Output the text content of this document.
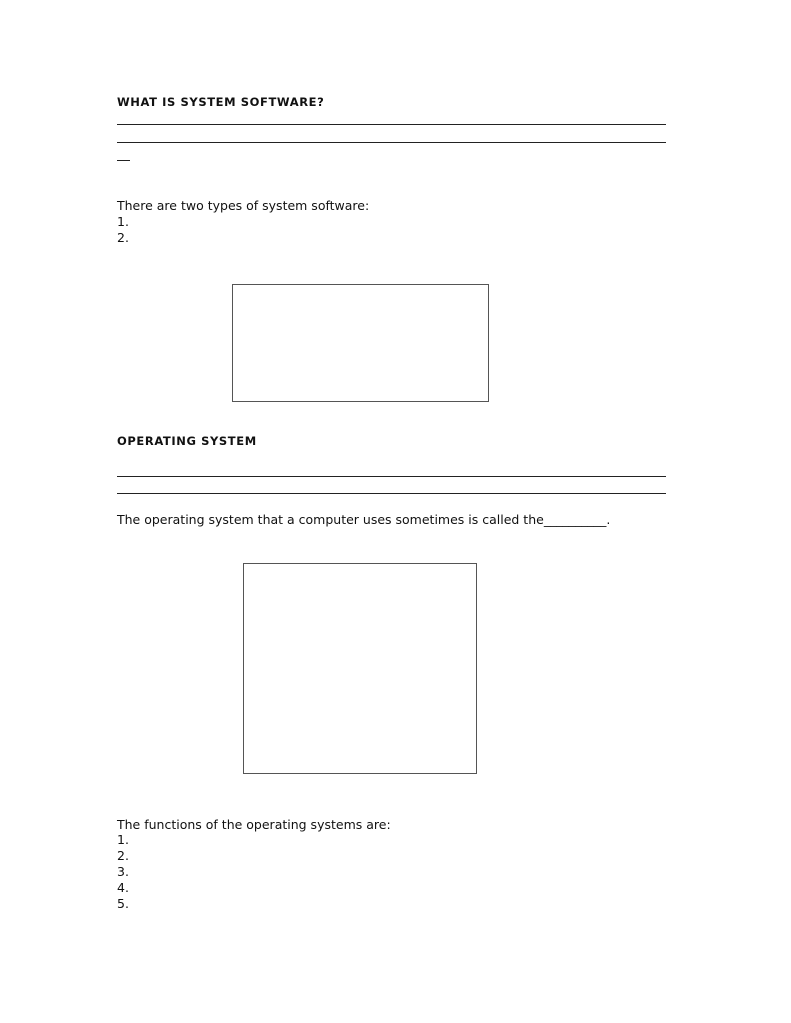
WHAT IS SYSTEM SOFTWARE?
There are two types of system software:
1.
2.
OPERATING SYSTEM
The operating system that a computer uses sometimes is called the__________.
The functions of the operating systems are:
1.
2.
3.
4.
5.
